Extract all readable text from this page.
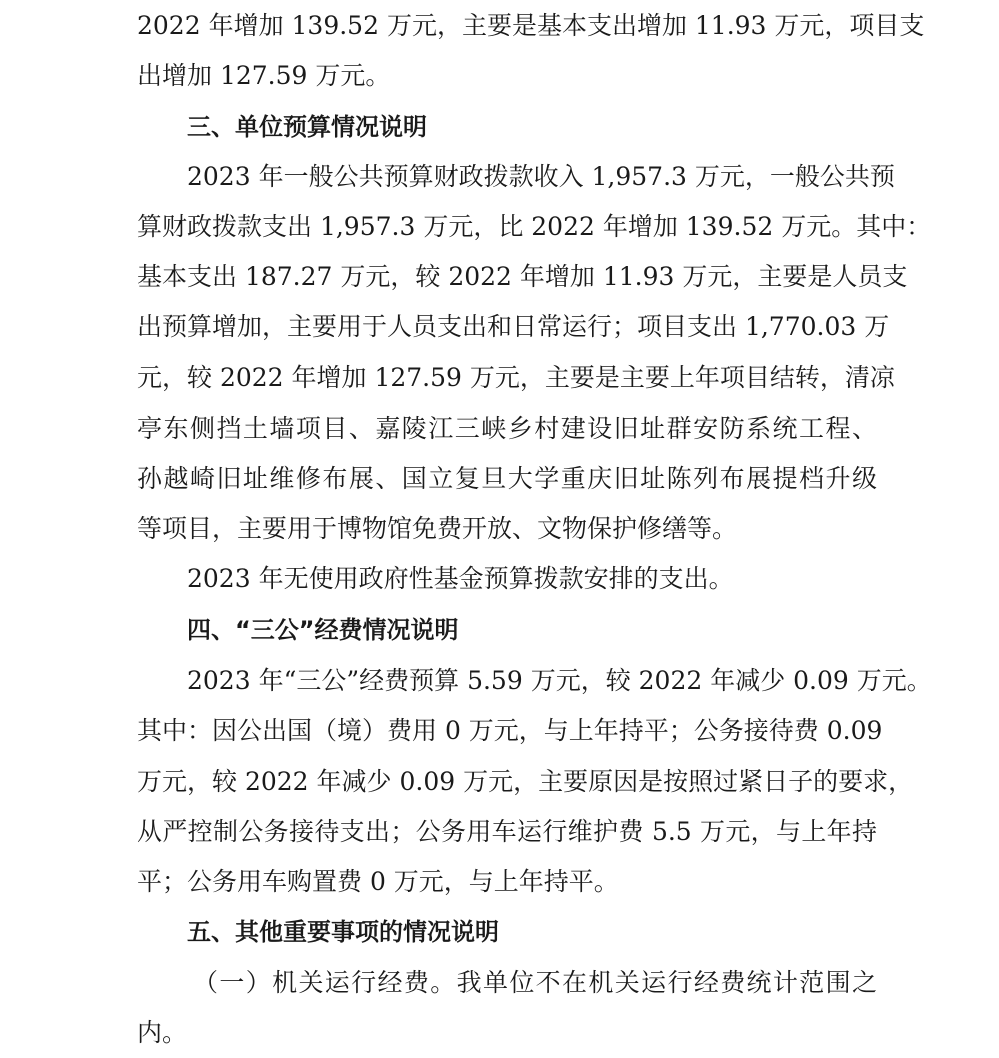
2022 年增加 139.52 万元，主要是基本支出增加 11.93 万元，项目支
出增加 127.59 万元。
三、单位预算情况说明
2023 年一般公共预算财政拨款收入 1,957.3 万元，一般公共预
算财政拨款支出 1,957.3 万元，比 2022 年增加 139.52 万元。其中：
基本支出 187.27 万元，较 2022 年增加 11.93 万元，主要是人员支
出预算增加，主要用于人员支出和日常运行；项目支出 1,770.03 万
元，较 2022 年增加 127.59 万元，主要是主要上年项目结转，清凉
亭东侧挡土墙项目、嘉陵江三峡乡村建设旧址群安防系统工程、
孙越崎旧址维修布展、国立复旦大学重庆旧址陈列布展提档升级
等项目，主要用于博物馆免费开放、文物保护修缮等。
2023 年无使用政府性基金预算拨款安排的支出。
四、“三公”经费情况说明
2023 年“三公”经费预算 5.59 万元，较 2022 年减少 0.09 万元。
其中：因公出国（境）费用 0 万元，与上年持平；公务接待费 0.09
万元，较 2022 年减少 0.09 万元，主要原因是按照过紧日子的要求，
从严控制公务接待支出；公务用车运行维护费 5.5 万元，与上年持
平；公务用车购置费 0 万元，与上年持平。
五、其他重要事项的情况说明
（一）机关运行经费。我单位不在机关运行经费统计范围之
内。
